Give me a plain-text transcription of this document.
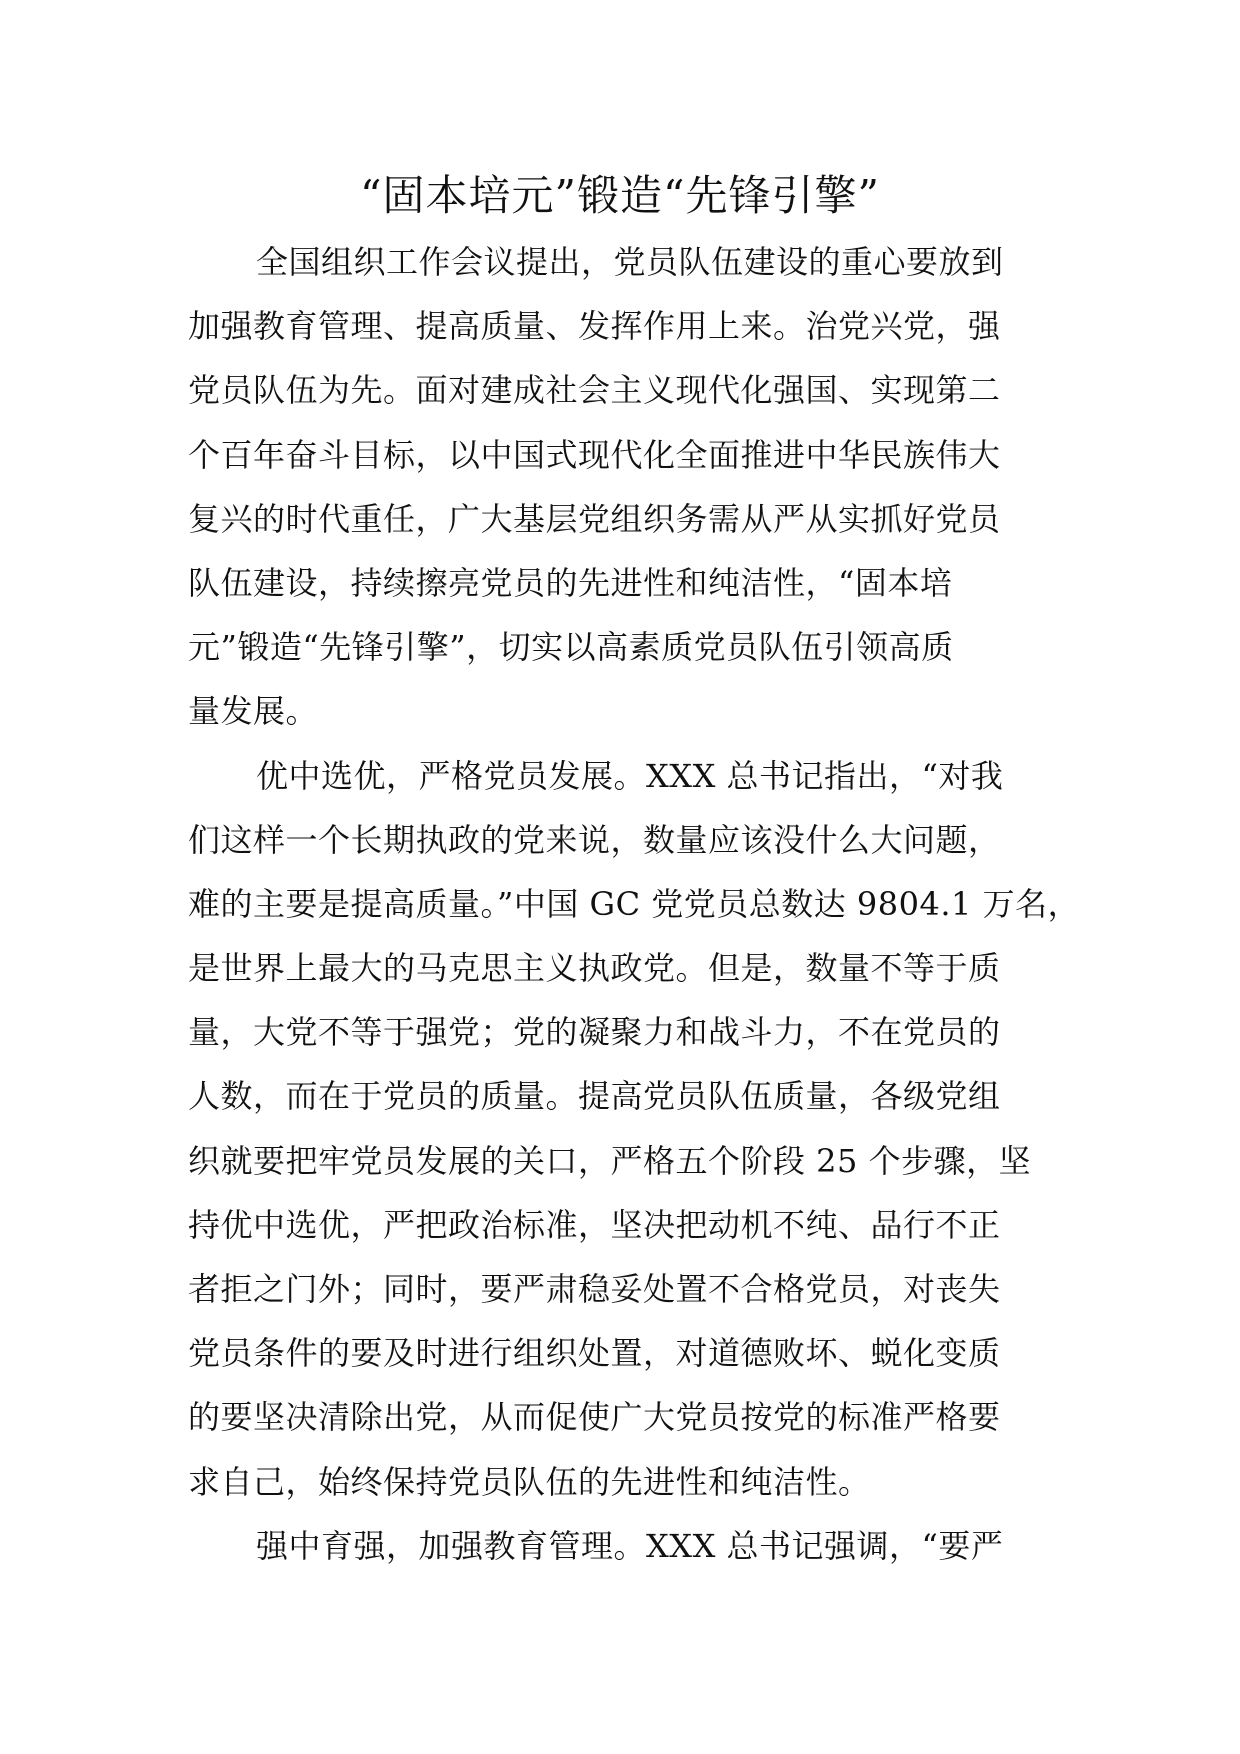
“固本培元”锻造“先锋引擎”
全国组织工作会议提出，党员队伍建设的重心要放到
加强教育管理、提高质量、发挥作用上来。治党兴党，强
党员队伍为先。面对建成社会主义现代化强国、实现第二
个百年奋斗目标，以中国式现代化全面推进中华民族伟大
复兴的时代重任，广大基层党组织务需从严从实抓好党员
队伍建设，持续擦亮党员的先进性和纯洁性，“固本培
元”锻造“先锋引擎”，切实以高素质党员队伍引领高质
量发展。
优中选优，严格党员发展。XXX 总书记指出，“对我
们这样一个长期执政的党来说，数量应该没什么大问题，
难的主要是提高质量。”中国 GC 党党员总数达 9804.1 万名，
是世界上最大的马克思主义执政党。但是，数量不等于质
量，大党不等于强党；党的凝聚力和战斗力，不在党员的
人数，而在于党员的质量。提高党员队伍质量，各级党组
织就要把牢党员发展的关口，严格五个阶段 25 个步骤，坚
持优中选优，严把政治标准，坚决把动机不纯、品行不正
者拒之门外；同时，要严肃稳妥处置不合格党员，对丧失
党员条件的要及时进行组织处置，对道德败坏、蜕化变质
的要坚决清除出党，从而促使广大党员按党的标准严格要
求自己，始终保持党员队伍的先进性和纯洁性。
强中育强，加强教育管理。XXX 总书记强调，“要严
